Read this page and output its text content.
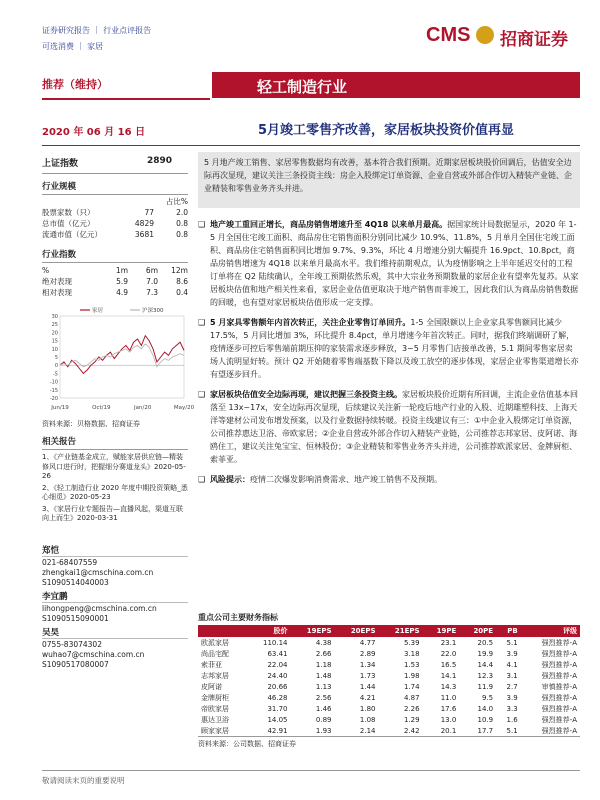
证券研究报告 ｜ 行业点评报告
可选消费 ｜ 家居
CMS 招商证券
推荐（维持）	轻工制造行业
2020 年 06 月 16 日	5月竣工零售齐改善，家居板块投资价值再显
上证指数	2890
行业规模
占比%
股票家数（只）	77	2.0
总市值（亿元）	4829	0.8
流通市值（亿元）	3681	0.8
行业指数
%	1m	6m	12m
绝对表现	5.9	7.0	8.6
相对表现	4.9	7.3	0.4
30
25
20
15
10
5
0
-5
-10
-15
-20
Jun/19	Oct/19	Jan/20	May/20
家居	沪深300
资料来源：贝格数据、招商证券
相关报告
1、《产业链基金成立，赋能家居供应链—精装修风口进行时，把握细分赛道龙头》2020-05-26
2、《轻工制造行业 2020 年度中期投资策略_悉心细觅》2020-05-23
3、《家居行业专题报告—直播风起，渠道互联向上而生》2020-03-31
郑恺
021-68407559
zhengkai1@cmschina.com.cn
S1090514040003
李宜鹏
lihongpeng@cmschina.com.cn
S1090515090001
吴昊
0755-83074302
wuhao7@cmschina.com.cn
S1090517080007
5 月地产竣工销售、家居零售数据均有改善，基本符合我们预期。近期家居板块股价回调后，估值安全边际再次显现，建议关注三条投资主线：房企入股绑定订单资源、企业自营或外部合作切入精装产业链、企业精装和零售业务齐头并进。
❑ 地产竣工重回正增长，商品房销售增速升至 4Q18 以来单月最高。据国家统计局数据显示，2020 年 1-5 月全国住宅竣工面积、商品房住宅销售面积分别同比减少 10.9%、11.8%，5 月单月全国住宅竣工面积、商品房住宅销售面积同比增加 9.7%、9.3%，环比 4 月增速分别大幅提升 16.9pct、10.8pct，商品房销售增速为 4Q18 以来单月最高水平。我们维持前期观点，认为疫情影响之上半年延迟交付的工程订单将在 Q2 陆续确认，全年竣工预期依然乐观，其中大宗业务预期数量的家居企业有望率先复苏。从家居板块估值和地产相关性来看，家居企业估值更取决于地产销售而非竣工，因此我们认为商品房销售数据的回暖，也有望对家居板块估值形成一定支撑。
❑ 5 月家具零售额年内首次转正，关注企业零售订单回升。1-5 全国限额以上企业家具零售额同比减少 17.5%，5 月同比增加 3%，环比提升 8.4pct，单月增速今年首次转正。同时，据我们终端调研了解，疫情逐步可控后零售端前期压抑的家装需求逐步释放，3~5 月零售门店接单改善，5.1 期间零售家居卖场人流明显好转。预计 Q2 开始随着零售端基数下降以及竣工放空的逐步体现，家居企业零售渠道增长亦有望逐步回升。
❑ 家居板块估值安全边际再现，建议把握三条投资主线。家居板块股价近期有所回调，主流企业估值基本回落至 13x~17x，安全边际再次显现，后续建议关注新一轮疫后地产行业的入股、近期雄塑科技、上海天洋等建材公司发布增发预案，以及行业数据持续转暖。投资主线建议有三：①中企业入股绑定订单资源，公司推荐惠达卫浴、帝欧家居；②企业自营或外部合作切入精装产业链，公司推荐志邦家居、皮阿诺、海鸥住工，建议关注兔宝宝、恒林股份；③企业精装和零售业务齐头并进，公司推荐欧派家居、金牌厨柜、索菲亚。
❑ 风险提示：疫情二次爆发影响消费需求、地产竣工销售不及预期。
重点公司主要财务指标
	股价	19EPS	20EPS	21EPS	19PE	20PE	PB	评级
欧派家居	110.14	4.38	4.77	5.39	23.1	20.5	5.1	强烈推荐-A
尚品宅配	63.41	2.66	2.89	3.18	22.0	19.9	3.9	强烈推荐-A
索菲亚	22.04	1.18	1.34	1.53	16.5	14.4	4.1	强烈推荐-A
志邦家居	24.40	1.48	1.73	1.98	14.1	12.3	3.1	强烈推荐-A
皮阿诺	20.66	1.13	1.44	1.74	14.3	11.9	2.7	审慎推荐-A
金牌厨柜	46.28	2.56	4.21	4.87	11.0	9.5	3.9	强烈推荐-A
帝欧家居	31.70	1.46	1.80	2.26	17.6	14.0	3.3	强烈推荐-A
惠达卫浴	14.05	0.89	1.08	1.29	13.0	10.9	1.6	强烈推荐-A
顾家家居	42.91	1.93	2.14	2.42	20.1	17.7	5.1	强烈推荐-A
资料来源：公司数据、招商证券
敬请阅读末页的重要说明
